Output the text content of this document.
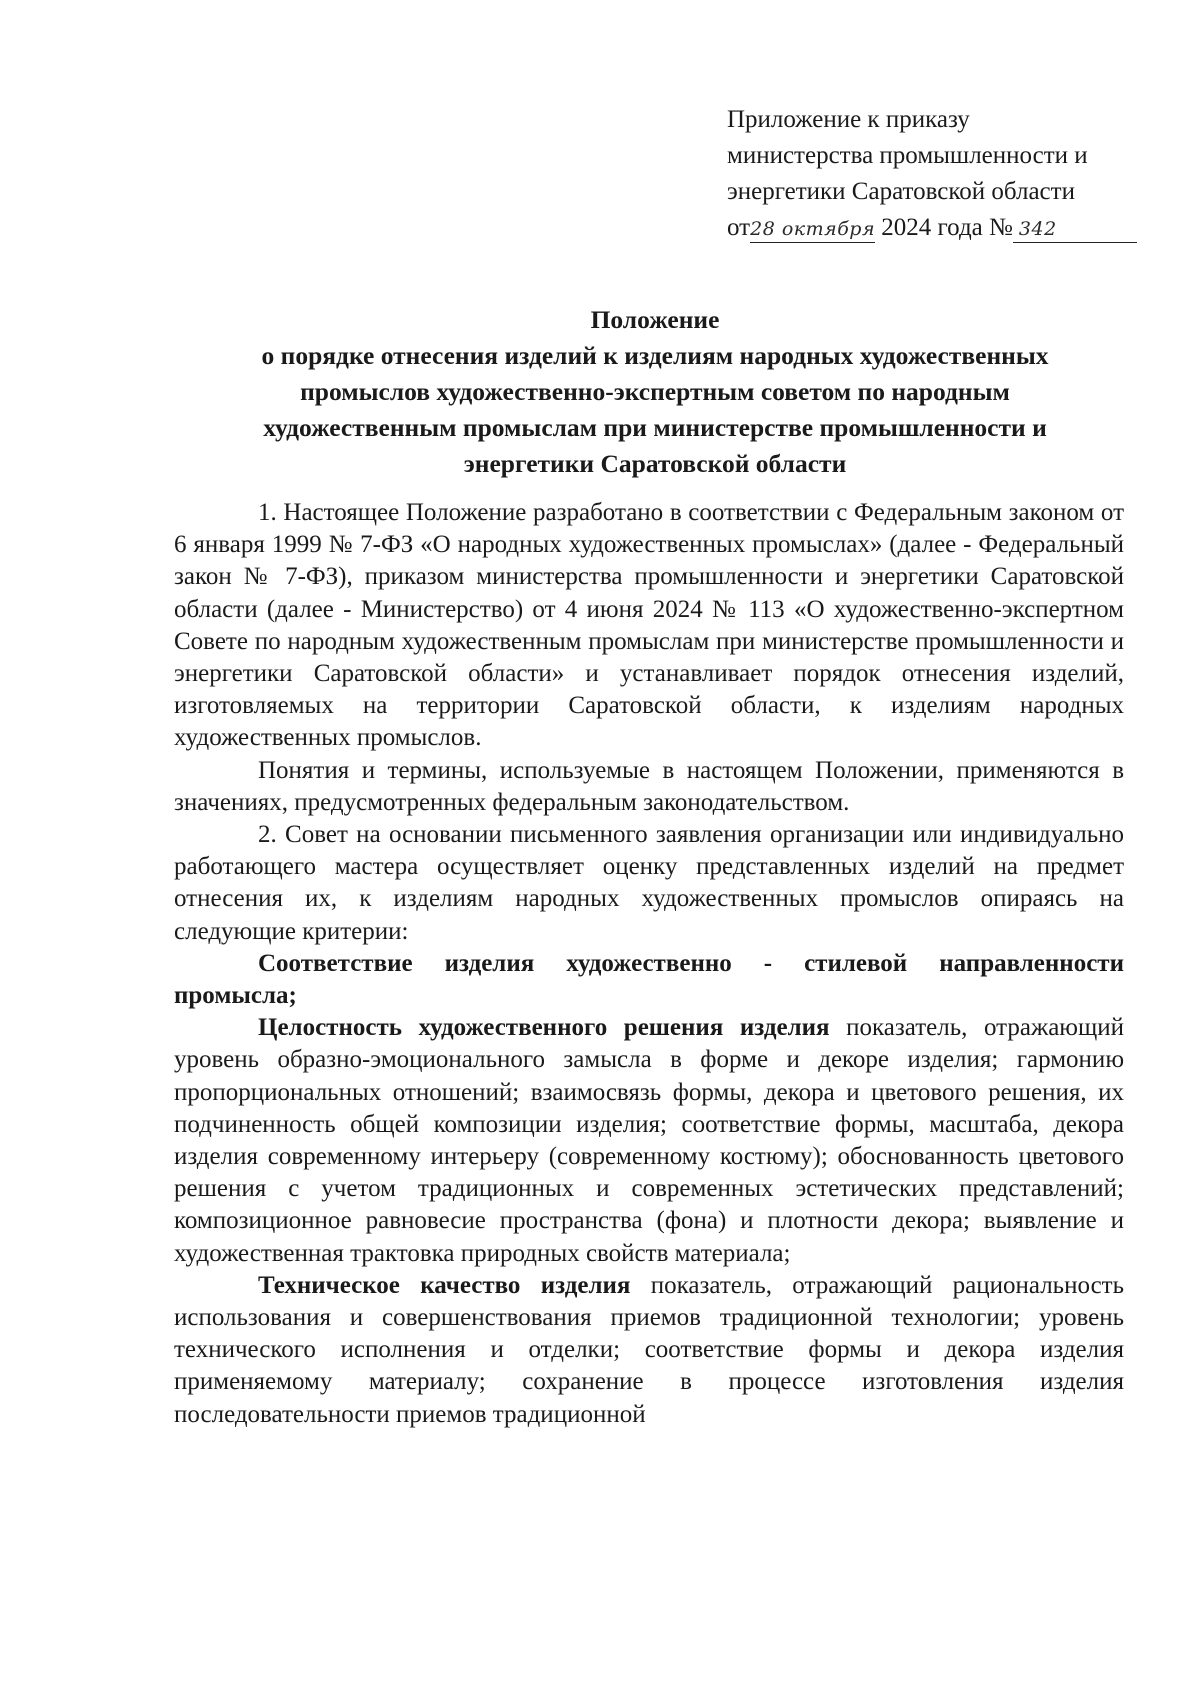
Приложение к приказу
министерства промышленности и
энергетики Саратовской области
от28 октября 2024 года № 342
Положение
о порядке отнесения изделий к изделиям народных художественных
промыслов художественно-экспертным советом по народным
художественным промыслам при министерстве промышленности и
энергетики Саратовской области

1. Настоящее Положение разработано в соответствии с Федеральным законом от 6 января 1999 № 7-ФЗ «О народных художественных промыслах» (далее - Федеральный закон № 7-ФЗ), приказом министерства промышленности и энергетики Саратовской области (далее - Министерство) от 4 июня 2024 № 113 «О художественно-экспертном Совете по народным художественным промыслам при министерстве промышленности и энергетики Саратовской области» и устанавливает порядок отнесения изделий, изготовляемых на территории Саратовской области, к изделиям народных художественных промыслов.

Понятия и термины, используемые в настоящем Положении, применяются в значениях, предусмотренных федеральным законодательством.

2. Совет на основании письменного заявления организации или индивидуально работающего мастера осуществляет оценку представленных изделий на предмет отнесения их, к изделиям народных художественных промыслов опираясь на следующие критерии:

Соответствие изделия художественно - стилевой направленности промысла;

Целостность художественного решения изделия показатель, отражающий уровень образно-эмоционального замысла в форме и декоре изделия; гармонию пропорциональных отношений; взаимосвязь формы, декора и цветового решения, их подчиненность общей композиции изделия; соответствие формы, масштаба, декора изделия современному интерьеру (современному костюму); обоснованность цветового решения с учетом традиционных и современных эстетических представлений; композиционное равновесие пространства (фона) и плотности декора; выявление и художественная трактовка природных свойств материала;

Техническое качество изделия показатель, отражающий рациональность использования и совершенствования приемов традиционной технологии; уровень технического исполнения и отделки; соответствие формы и декора изделия применяемому материалу; сохранение в процессе изготовления изделия последовательности приемов традиционной
